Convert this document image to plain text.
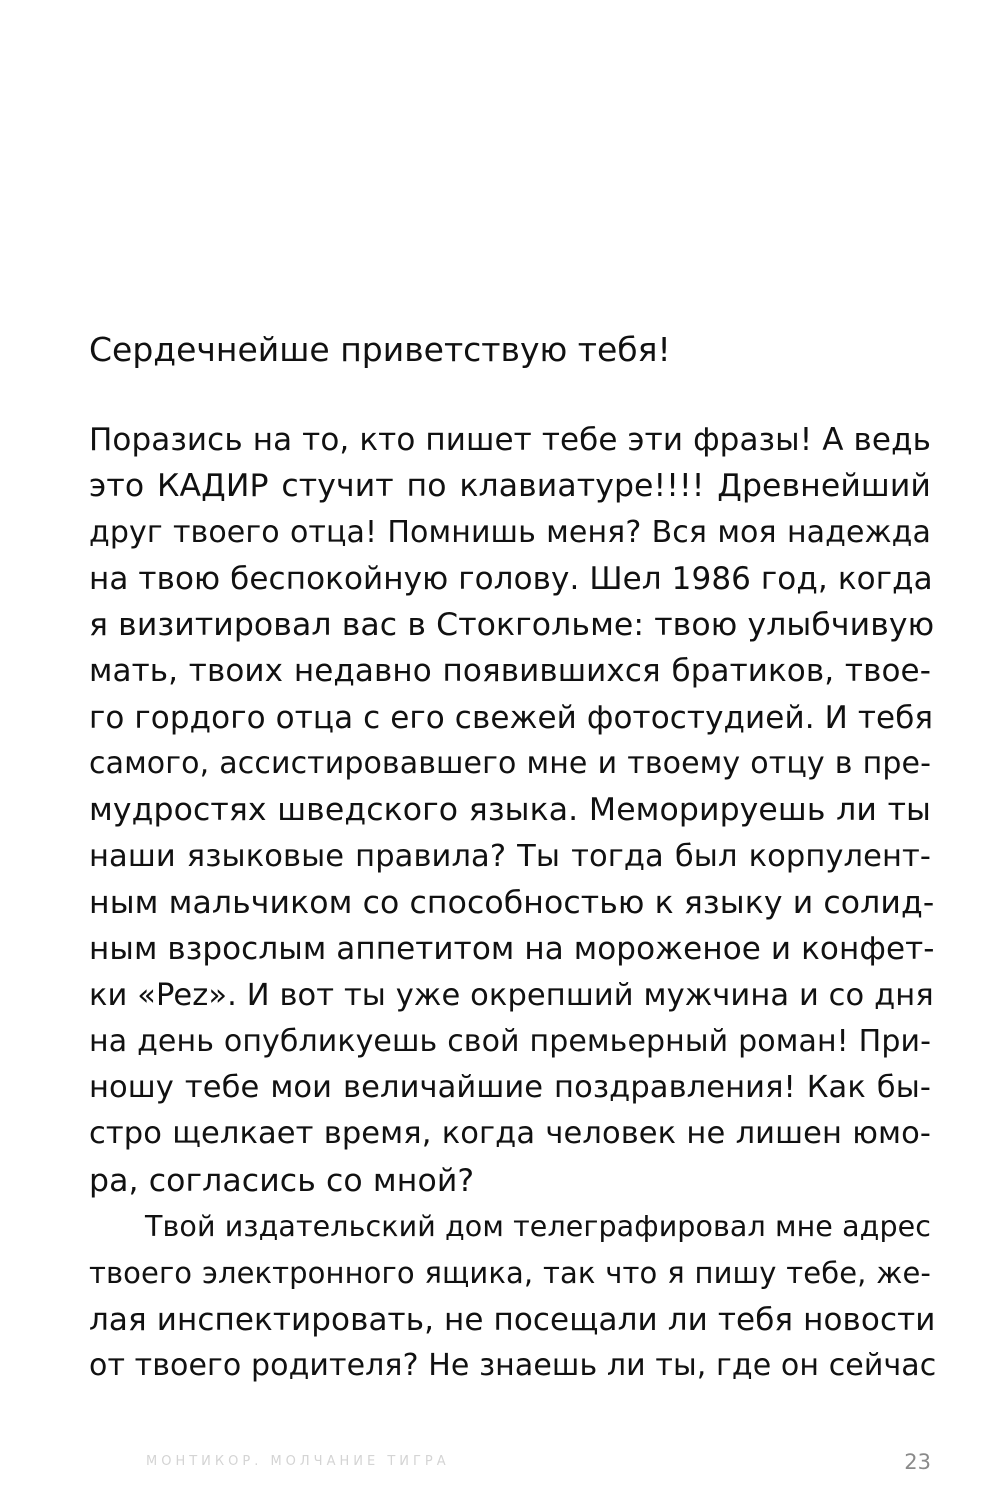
Сердечнейше приветствую тебя!
Поразись на то, кто пишет тебе эти фразы! А ведь
это КАДИР стучит по клавиатуре!!!! Древнейший
друг твоего отца! Помнишь меня? Вся моя надежда
на твою беспокойную голову. Шел 1986 год, когда
я визитировал вас в Стокгольме: твою улыбчивую
мать, твоих недавно появившихся братиков, твое-
го гордого отца с его свежей фотостудией. И тебя
самого, ассистировавшего мне и твоему отцу в пре-
мудростях шведского языка. Меморируешь ли ты
наши языковые правила? Ты тогда был корпулент-
ным мальчиком со способностью к языку и солид-
ным взрослым аппетитом на мороженое и конфет-
ки «Pez». И вот ты уже окрепший мужчина и со дня
на день опубликуешь свой премьерный роман! При-
ношу тебе мои величайшие поздравления! Как бы-
стро щелкает время, когда человек не лишен юмо-
ра, согласись со мной?
Твой издательский дом телеграфировал мне адрес
твоего электронного ящика, так что я пишу тебе, же-
лая инспектировать, не посещали ли тебя новости
от твоего родителя? Не знаешь ли ты, где он сейчас
МОНТИКОР. МОЛЧАНИЕ ТИГРА	23
